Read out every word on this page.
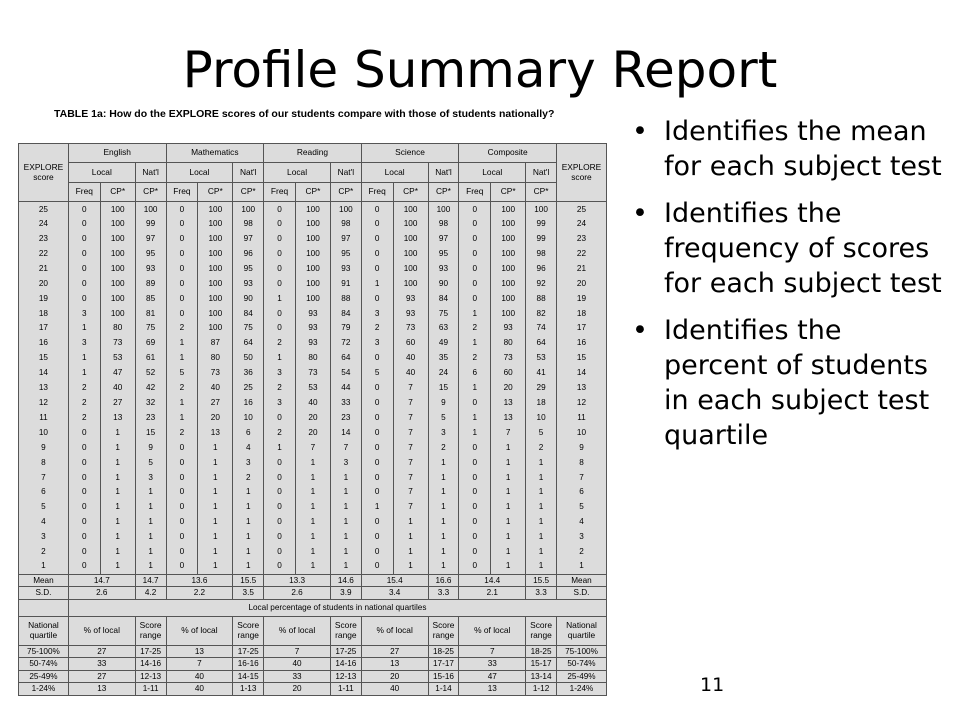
Profile Summary Report
TABLE 1a: How do the EXPLORE scores of our students compare with those of students nationally?
EXPLORE score	English			Mathematics			Reading			Science			Composite			EXPLORE score
	Local		Nat'l	Local		Nat'l	Local		Nat'l	Local		Nat'l	Local		Nat'l	
	Freq	CP*	CP*	Freq	CP*	CP*	Freq	CP*	CP*	Freq	CP*	CP*	Freq	CP*	CP*	
25	0	100	100	0	100	100	0	100	100	0	100	100	0	100	100	25
24	0	100	99	0	100	98	0	100	98	0	100	98	0	100	99	24
23	0	100	97	0	100	97	0	100	97	0	100	97	0	100	99	23
22	0	100	95	0	100	96	0	100	95	0	100	95	0	100	98	22
21	0	100	93	0	100	95	0	100	93	0	100	93	0	100	96	21
20	0	100	89	0	100	93	0	100	91	1	100	90	0	100	92	20
19	0	100	85	0	100	90	1	100	88	0	93	84	0	100	88	19
18	3	100	81	0	100	84	0	93	84	3	93	75	1	100	82	18
17	1	80	75	2	100	75	0	93	79	2	73	63	2	93	74	17
16	3	73	69	1	87	64	2	93	72	3	60	49	1	80	64	16
15	1	53	61	1	80	50	1	80	64	0	40	35	2	73	53	15
14	1	47	52	5	73	36	3	73	54	5	40	24	6	60	41	14
13	2	40	42	2	40	25	2	53	44	0	7	15	1	20	29	13
12	2	27	32	1	27	16	3	40	33	0	7	9	0	13	18	12
11	2	13	23	1	20	10	0	20	23	0	7	5	1	13	10	11
10	0	1	15	2	13	6	2	20	14	0	7	3	1	7	5	10
9	0	1	9	0	1	4	1	7	7	0	7	2	0	1	2	9
8	0	1	5	0	1	3	0	1	3	0	7	1	0	1	1	8
7	0	1	3	0	1	2	0	1	1	0	7	1	0	1	1	7
6	0	1	1	0	1	1	0	1	1	0	7	1	0	1	1	6
5	0	1	1	0	1	1	0	1	1	1	7	1	0	1	1	5
4	0	1	1	0	1	1	0	1	1	0	1	1	0	1	1	4
3	0	1	1	0	1	1	0	1	1	0	1	1	0	1	1	3
2	0	1	1	0	1	1	0	1	1	0	1	1	0	1	1	2
1	0	1	1	0	1	1	0	1	1	0	1	1	0	1	1	1
Mean	14.7		14.7	13.6		15.5	13.3		14.6	15.4		16.6	14.4		15.5	Mean
S.D.	2.6		4.2	2.2		3.5	2.6		3.9	3.4		3.3	2.1		3.3	S.D.
	Local percentage of students in national quartiles															
National quartile	% of local		Score range	% of local		Score range	% of local		Score range	% of local		Score range	% of local		Score range	National quartile
75-100%	27		17-25	13		17-25	7		17-25	27		18-25	7		18-25	75-100%
50-74%	33		14-16	7		16-16	40		14-16	13		17-17	33		15-17	50-74%
25-49%	27		12-13	40		14-15	33		12-13	20		15-16	47		13-14	25-49%
1-24%	13		1-11	40		1-13	20		1-11	40		1-14	13		1-12	1-24%
• Identifies the mean for each subject test
• Identifies the frequency of scores for each subject test
• Identifies the percent of students in each subject test quartile
11
